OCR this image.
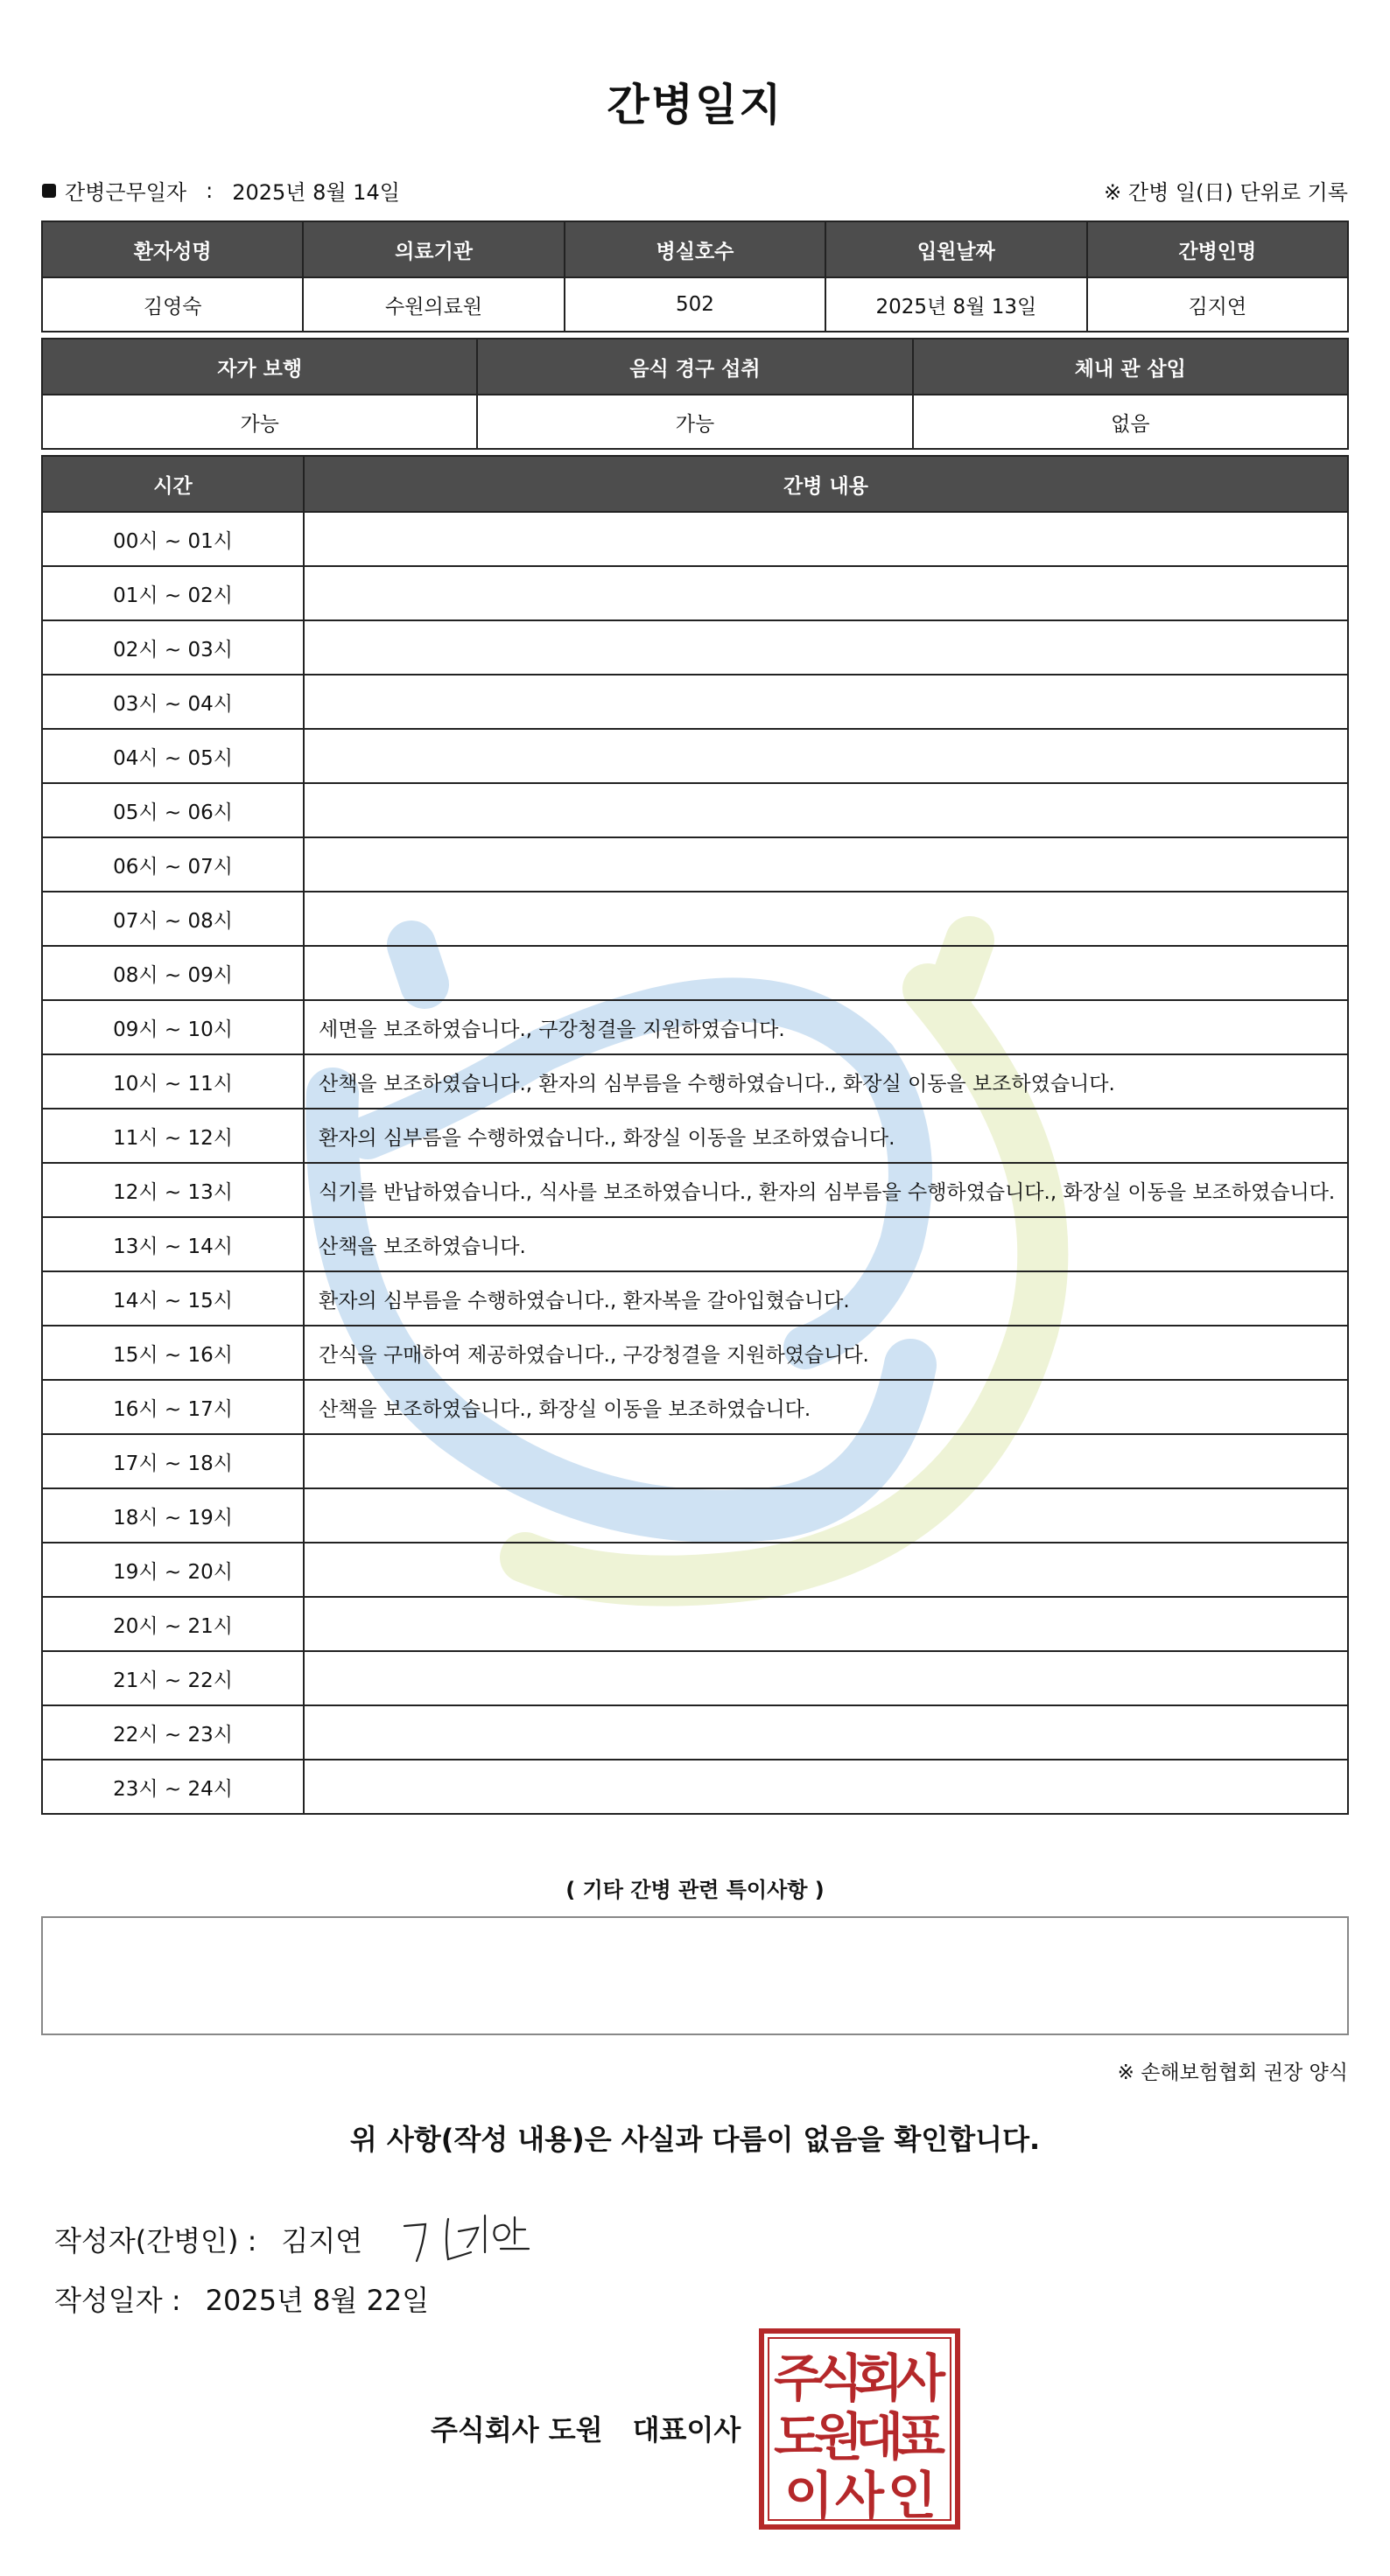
간병일지
간병근무일자 : 2025년 8월 14일	※ 간병 일(日) 단위로 기록
환자성명	의료기관	병실호수	입원날짜	간병인명
김영숙	수원의료원	502	2025년 8월 13일	김지연
자가 보행	음식 경구 섭취	체내 관 삽입
가능	가능	없음
시간	간병 내용
00시 ~ 01시	
01시 ~ 02시	
02시 ~ 03시	
03시 ~ 04시	
04시 ~ 05시	
05시 ~ 06시	
06시 ~ 07시	
07시 ~ 08시	
08시 ~ 09시	
09시 ~ 10시	세면을 보조하였습니다., 구강청결을 지원하였습니다.
10시 ~ 11시	산책을 보조하였습니다., 환자의 심부름을 수행하였습니다., 화장실 이동을 보조하였습니다.
11시 ~ 12시	환자의 심부름을 수행하였습니다., 화장실 이동을 보조하였습니다.
12시 ~ 13시	식기를 반납하였습니다., 식사를 보조하였습니다., 환자의 심부름을 수행하였습니다., 화장실 이동을 보조하였습니다.
13시 ~ 14시	산책을 보조하였습니다.
14시 ~ 15시	환자의 심부름을 수행하였습니다., 환자복을 갈아입혔습니다.
15시 ~ 16시	간식을 구매하여 제공하였습니다., 구강청결을 지원하였습니다.
16시 ~ 17시	산책을 보조하였습니다., 화장실 이동을 보조하였습니다.
17시 ~ 18시	
18시 ~ 19시	
19시 ~ 20시	
20시 ~ 21시	
21시 ~ 22시	
22시 ~ 23시	
23시 ~ 24시	
( 기타 간병 관련 특이사항 )
※ 손해보험협회 권장 양식
위 사항(작성 내용)은 사실과 다름이 없음을 확인합니다.
작성자(간병인) : 김지연
작성일자 : 2025년 8월 22일
주식회사 도원 대표이사
주
식
회
사
도
원
대
표
이 사 인
